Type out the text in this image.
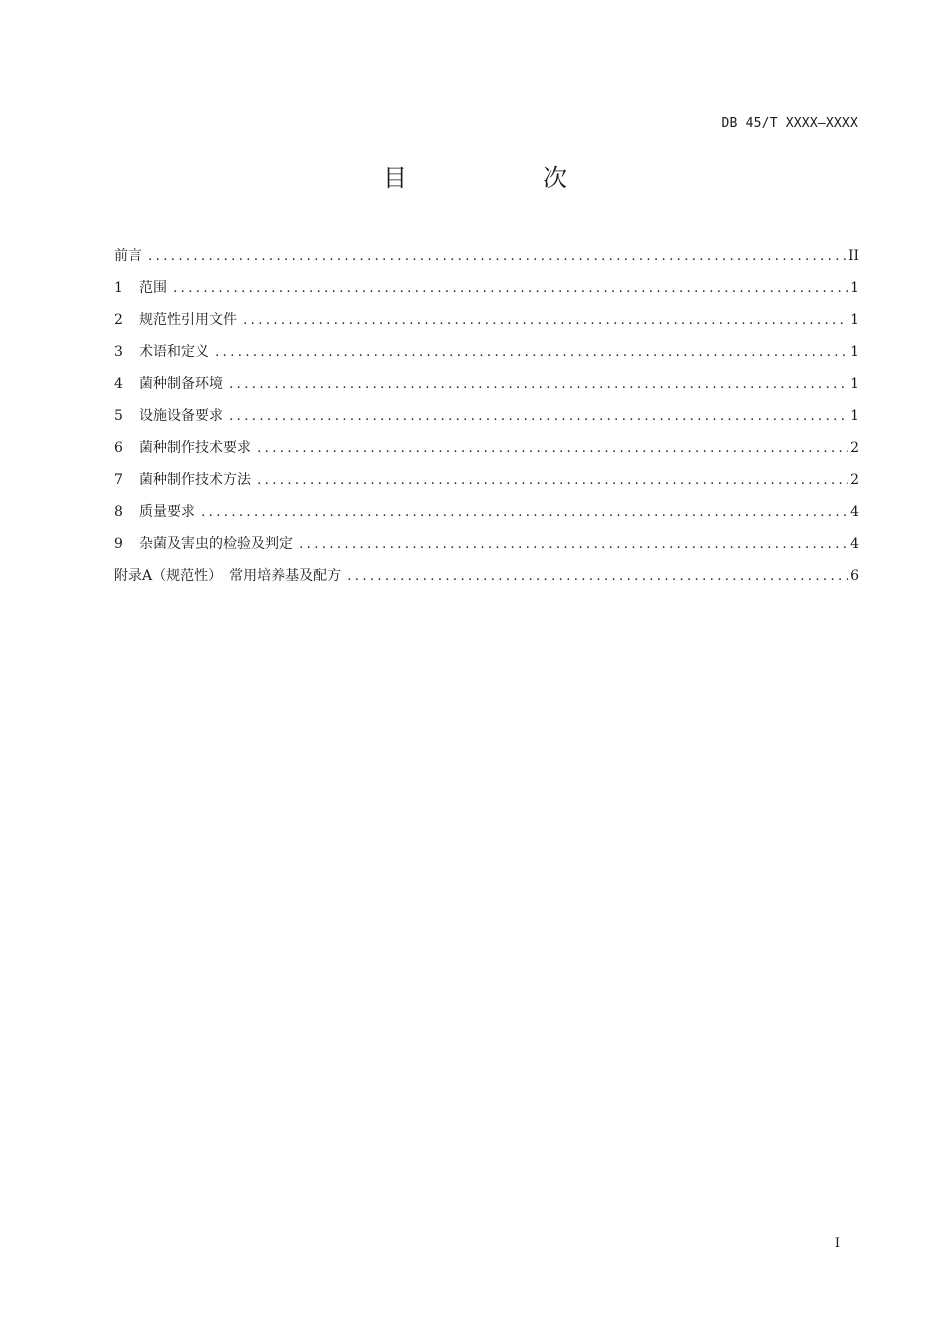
DB 45/T XXXX—XXXX
目　次
前言 .....	II
1	范围 .....	1
2	规范性引用文件 .....	1
3	术语和定义 .....	1
4	菌种制备环境 .....	1
5	设施设备要求 .....	1
6	菌种制作技术要求 .....	2
7	菌种制作技术方法 .....	2
8	质量要求 .....	4
9	杂菌及害虫的检验及判定 .....	4
附录A（规范性）　常用培养基及配方 .....	6
I
